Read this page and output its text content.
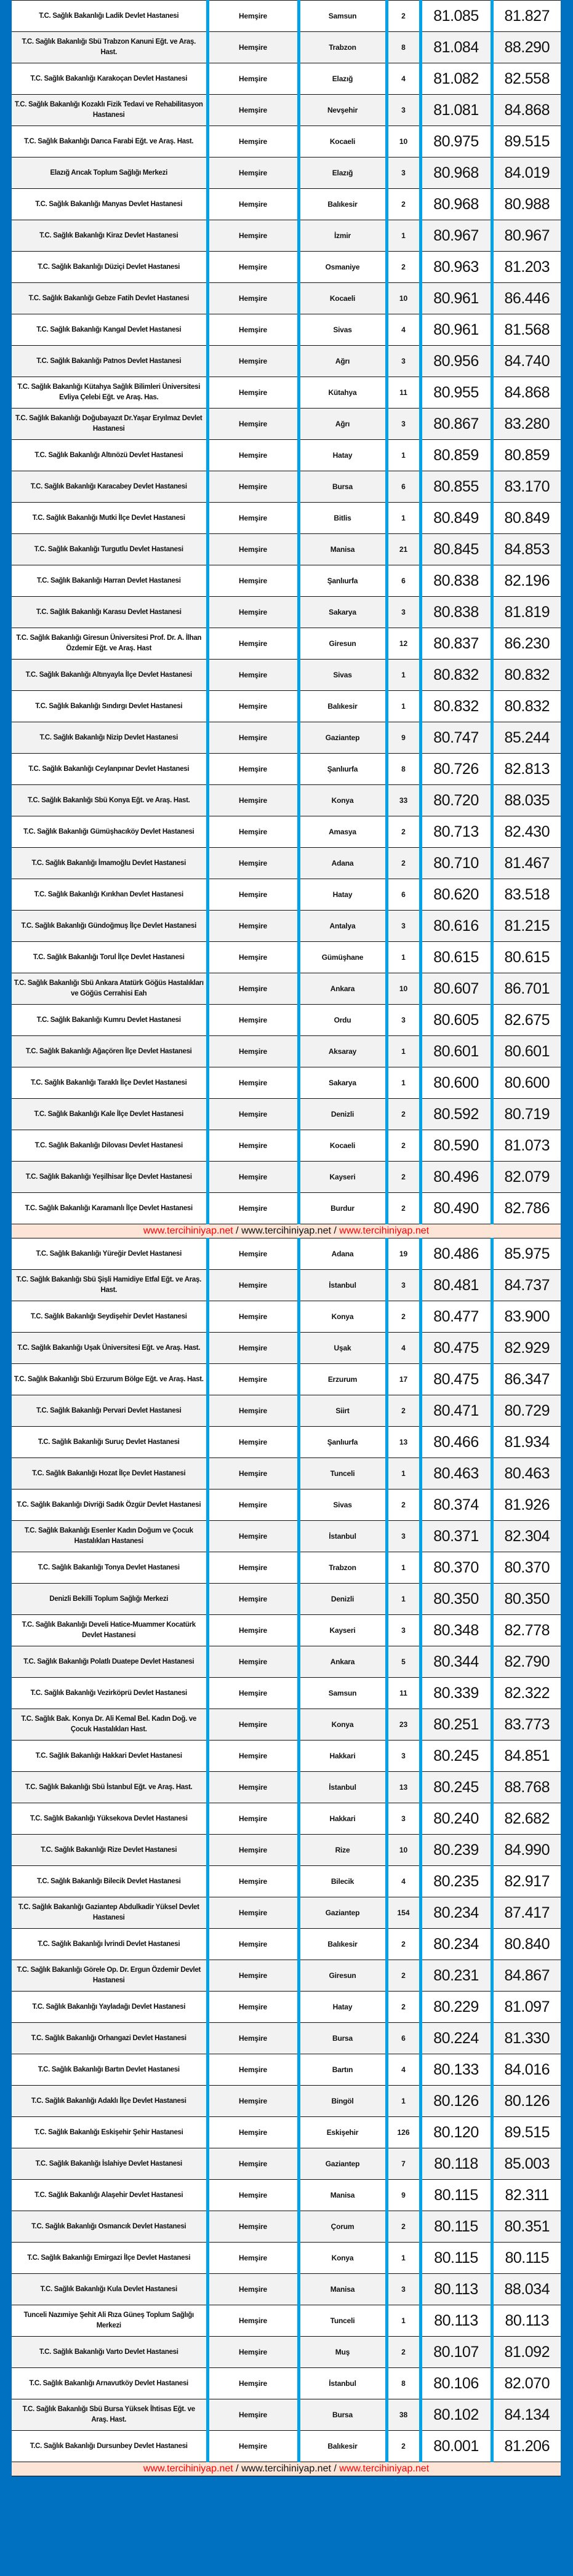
T.C. Sağlık Bakanlığı Ladik Devlet Hastanesi	Hemşire	Samsun	2	81.085	81.827
T.C. Sağlık Bakanlığı Sbü Trabzon Kanuni Eğt. ve Araş. Hast.	Hemşire	Trabzon	8	81.084	88.290
T.C. Sağlık Bakanlığı Karakoçan Devlet Hastanesi	Hemşire	Elazığ	4	81.082	82.558
T.C. Sağlık Bakanlığı Kozaklı Fizik Tedavi ve Rehabilitasyon Hastanesi	Hemşire	Nevşehir	3	81.081	84.868
T.C. Sağlık Bakanlığı Darıca Farabi Eğt. ve Araş. Hast.	Hemşire	Kocaeli	10	80.975	89.515
Elazığ Arıcak Toplum Sağlığı Merkezi	Hemşire	Elazığ	3	80.968	84.019
T.C. Sağlık Bakanlığı Manyas Devlet Hastanesi	Hemşire	Balıkesir	2	80.968	80.988
T.C. Sağlık Bakanlığı Kiraz Devlet Hastanesi	Hemşire	İzmir	1	80.967	80.967
T.C. Sağlık Bakanlığı Düziçi Devlet Hastanesi	Hemşire	Osmaniye	2	80.963	81.203
T.C. Sağlık Bakanlığı Gebze Fatih Devlet Hastanesi	Hemşire	Kocaeli	10	80.961	86.446
T.C. Sağlık Bakanlığı Kangal Devlet Hastanesi	Hemşire	Sivas	4	80.961	81.568
T.C. Sağlık Bakanlığı Patnos Devlet Hastanesi	Hemşire	Ağrı	3	80.956	84.740
T.C. Sağlık Bakanlığı Kütahya Sağlık Bilimleri Üniversitesi Evliya Çelebi Eğt. ve Araş. Has.	Hemşire	Kütahya	11	80.955	84.868
T.C. Sağlık Bakanlığı Doğubayazıt Dr.Yaşar Eryılmaz Devlet Hastanesi	Hemşire	Ağrı	3	80.867	83.280
T.C. Sağlık Bakanlığı Altınözü Devlet Hastanesi	Hemşire	Hatay	1	80.859	80.859
T.C. Sağlık Bakanlığı Karacabey Devlet Hastanesi	Hemşire	Bursa	6	80.855	83.170
T.C. Sağlık Bakanlığı Mutki İlçe Devlet Hastanesi	Hemşire	Bitlis	1	80.849	80.849
T.C. Sağlık Bakanlığı Turgutlu Devlet Hastanesi	Hemşire	Manisa	21	80.845	84.853
T.C. Sağlık Bakanlığı Harran Devlet Hastanesi	Hemşire	Şanlıurfa	6	80.838	82.196
T.C. Sağlık Bakanlığı Karasu Devlet Hastanesi	Hemşire	Sakarya	3	80.838	81.819
T.C. Sağlık Bakanlığı Giresun Üniversitesi Prof. Dr. A. İlhan Özdemir Eğt. ve Araş. Hast	Hemşire	Giresun	12	80.837	86.230
T.C. Sağlık Bakanlığı Altınyayla İlçe Devlet Hastanesi	Hemşire	Sivas	1	80.832	80.832
T.C. Sağlık Bakanlığı Sındırgı Devlet Hastanesi	Hemşire	Balıkesir	1	80.832	80.832
T.C. Sağlık Bakanlığı Nizip Devlet Hastanesi	Hemşire	Gaziantep	9	80.747	85.244
T.C. Sağlık Bakanlığı Ceylanpınar Devlet Hastanesi	Hemşire	Şanlıurfa	8	80.726	82.813
T.C. Sağlık Bakanlığı Sbü Konya Eğt. ve Araş. Hast.	Hemşire	Konya	33	80.720	88.035
T.C. Sağlık Bakanlığı Gümüşhacıköy Devlet Hastanesi	Hemşire	Amasya	2	80.713	82.430
T.C. Sağlık Bakanlığı İmamoğlu Devlet Hastanesi	Hemşire	Adana	2	80.710	81.467
T.C. Sağlık Bakanlığı Kırıkhan Devlet Hastanesi	Hemşire	Hatay	6	80.620	83.518
T.C. Sağlık Bakanlığı Gündoğmuş İlçe Devlet Hastanesi	Hemşire	Antalya	3	80.616	81.215
T.C. Sağlık Bakanlığı Torul İlçe Devlet Hastanesi	Hemşire	Gümüşhane	1	80.615	80.615
T.C. Sağlık Bakanlığı Sbü Ankara Atatürk Göğüs Hastalıkları ve Göğüs Cerrahisi Eah	Hemşire	Ankara	10	80.607	86.701
T.C. Sağlık Bakanlığı Kumru Devlet Hastanesi	Hemşire	Ordu	3	80.605	82.675
T.C. Sağlık Bakanlığı Ağaçören İlçe Devlet Hastanesi	Hemşire	Aksaray	1	80.601	80.601
T.C. Sağlık Bakanlığı Taraklı İlçe Devlet Hastanesi	Hemşire	Sakarya	1	80.600	80.600
T.C. Sağlık Bakanlığı Kale İlçe Devlet Hastanesi	Hemşire	Denizli	2	80.592	80.719
T.C. Sağlık Bakanlığı Dilovası Devlet Hastanesi	Hemşire	Kocaeli	2	80.590	81.073
T.C. Sağlık Bakanlığı Yeşilhisar İlçe Devlet Hastanesi	Hemşire	Kayseri	2	80.496	82.079
T.C. Sağlık Bakanlığı Karamanlı İlçe Devlet Hastanesi	Hemşire	Burdur	2	80.490	82.786
www.tercihiniyap.net / www.tercihiniyap.net / www.tercihiniyap.net					
T.C. Sağlık Bakanlığı Yüreğir Devlet Hastanesi	Hemşire	Adana	19	80.486	85.975
T.C. Sağlık Bakanlığı Sbü Şişli Hamidiye Etfal Eğt. ve Araş. Hast.	Hemşire	İstanbul	3	80.481	84.737
T.C. Sağlık Bakanlığı Seydişehir Devlet Hastanesi	Hemşire	Konya	2	80.477	83.900
T.C. Sağlık Bakanlığı Uşak Üniversitesi Eğt. ve Araş. Hast.	Hemşire	Uşak	4	80.475	82.929
T.C. Sağlık Bakanlığı Sbü Erzurum Bölge Eğt. ve Araş. Hast.	Hemşire	Erzurum	17	80.475	86.347
T.C. Sağlık Bakanlığı Pervari Devlet Hastanesi	Hemşire	Siirt	2	80.471	80.729
T.C. Sağlık Bakanlığı Suruç Devlet Hastanesi	Hemşire	Şanlıurfa	13	80.466	81.934
T.C. Sağlık Bakanlığı Hozat İlçe Devlet Hastanesi	Hemşire	Tunceli	1	80.463	80.463
T.C. Sağlık Bakanlığı Divriği Sadık Özgür Devlet Hastanesi	Hemşire	Sivas	2	80.374	81.926
T.C. Sağlık Bakanlığı Esenler Kadın Doğum ve Çocuk Hastalıkları Hastanesi	Hemşire	İstanbul	3	80.371	82.304
T.C. Sağlık Bakanlığı Tonya Devlet Hastanesi	Hemşire	Trabzon	1	80.370	80.370
Denizli Bekilli Toplum Sağlığı Merkezi	Hemşire	Denizli	1	80.350	80.350
T.C. Sağlık Bakanlığı Develi Hatice-Muammer Kocatürk Devlet Hastanesi	Hemşire	Kayseri	3	80.348	82.778
T.C. Sağlık Bakanlığı Polatlı Duatepe Devlet Hastanesi	Hemşire	Ankara	5	80.344	82.790
T.C. Sağlık Bakanlığı Vezirköprü Devlet Hastanesi	Hemşire	Samsun	11	80.339	82.322
T.C. Sağlık Bak. Konya Dr. Ali Kemal Bel. Kadın Doğ. ve Çocuk Hastalıkları Hast.	Hemşire	Konya	23	80.251	83.773
T.C. Sağlık Bakanlığı Hakkari Devlet Hastanesi	Hemşire	Hakkari	3	80.245	84.851
T.C. Sağlık Bakanlığı Sbü İstanbul Eğt. ve Araş. Hast.	Hemşire	İstanbul	13	80.245	88.768
T.C. Sağlık Bakanlığı Yüksekova Devlet Hastanesi	Hemşire	Hakkari	3	80.240	82.682
T.C. Sağlık Bakanlığı Rize Devlet Hastanesi	Hemşire	Rize	10	80.239	84.990
T.C. Sağlık Bakanlığı Bilecik Devlet Hastanesi	Hemşire	Bilecik	4	80.235	82.917
T.C. Sağlık Bakanlığı Gaziantep Abdulkadir Yüksel Devlet Hastanesi	Hemşire	Gaziantep	154	80.234	87.417
T.C. Sağlık Bakanlığı İvrindi Devlet Hastanesi	Hemşire	Balıkesir	2	80.234	80.840
T.C. Sağlık Bakanlığı Görele Op. Dr. Ergun Özdemir Devlet Hastanesi	Hemşire	Giresun	2	80.231	84.867
T.C. Sağlık Bakanlığı Yayladağı Devlet Hastanesi	Hemşire	Hatay	2	80.229	81.097
T.C. Sağlık Bakanlığı Orhangazi Devlet Hastanesi	Hemşire	Bursa	6	80.224	81.330
T.C. Sağlık Bakanlığı Bartın Devlet Hastanesi	Hemşire	Bartın	4	80.133	84.016
T.C. Sağlık Bakanlığı Adaklı İlçe Devlet Hastanesi	Hemşire	Bingöl	1	80.126	80.126
T.C. Sağlık Bakanlığı Eskişehir Şehir Hastanesi	Hemşire	Eskişehir	126	80.120	89.515
T.C. Sağlık Bakanlığı İslahiye Devlet Hastanesi	Hemşire	Gaziantep	7	80.118	85.003
T.C. Sağlık Bakanlığı Alaşehir Devlet Hastanesi	Hemşire	Manisa	9	80.115	82.311
T.C. Sağlık Bakanlığı Osmancık Devlet Hastanesi	Hemşire	Çorum	2	80.115	80.351
T.C. Sağlık Bakanlığı Emirgazi İlçe Devlet Hastanesi	Hemşire	Konya	1	80.115	80.115
T.C. Sağlık Bakanlığı Kula Devlet Hastanesi	Hemşire	Manisa	3	80.113	88.034
Tunceli Nazımiye Şehit Ali Rıza Güneş Toplum Sağlığı Merkezi	Hemşire	Tunceli	1	80.113	80.113
T.C. Sağlık Bakanlığı Varto Devlet Hastanesi	Hemşire	Muş	2	80.107	81.092
T.C. Sağlık Bakanlığı Arnavutköy Devlet Hastanesi	Hemşire	İstanbul	8	80.106	82.070
T.C. Sağlık Bakanlığı Sbü Bursa Yüksek İhtisas Eğt. ve Araş. Hast.	Hemşire	Bursa	38	80.102	84.134
T.C. Sağlık Bakanlığı Dursunbey Devlet Hastanesi	Hemşire	Balıkesir	2	80.001	81.206
www.tercihiniyap.net / www.tercihiniyap.net / www.tercihiniyap.net					
